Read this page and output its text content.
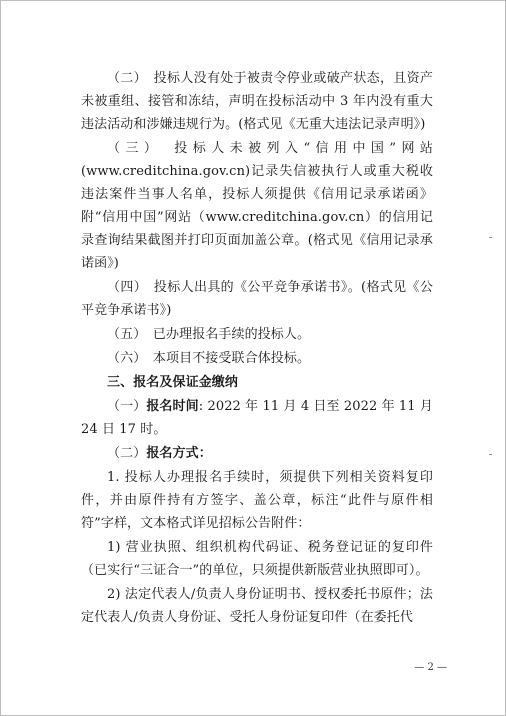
（二）　投标人没有处于被责令停业或破产状态，且资产未被重组、接管和冻结，声明在投标活动中 3 年内没有重大违法活动和涉嫌违规行为。(格式见《无重大违法记录声明》)

（三）　投标人未被列入“信用中国”网站(www.creditchina.gov.cn)记录失信被执行人或重大税收违法案件当事人名单，投标人须提供《信用记录承诺函》附“信用中国”网站（www.creditchina.gov.cn）的信用记录查询结果截图并打印页面加盖公章。(格式见《信用记录承诺函》)

（四）　投标人出具的《公平竞争承诺书》。(格式见《公平竞争承诺书》)

（五）　已办理报名手续的投标人。

（六）　本项目不接受联合体投标。

三、报名及保证金缴纳

（一）报名时间: 2022 年 11 月 4 日至 2022 年 11 月 24 日 17 时。

（二）报名方式：

1. 投标人办理报名手续时，须提供下列相关资料复印件，并由原件持有方签字、盖公章，标注“此件与原件相符”字样，文本格式详见招标公告附件：

1) 营业执照、组织机构代码证、税务登记证的复印件（已实行“三证合一”的单位，只须提供新版营业执照即可）。

2) 法定代表人/负责人身份证明书、授权委托书原件；法定代表人/负责人身份证、受托人身份证复印件（在委托代

— 2 —
